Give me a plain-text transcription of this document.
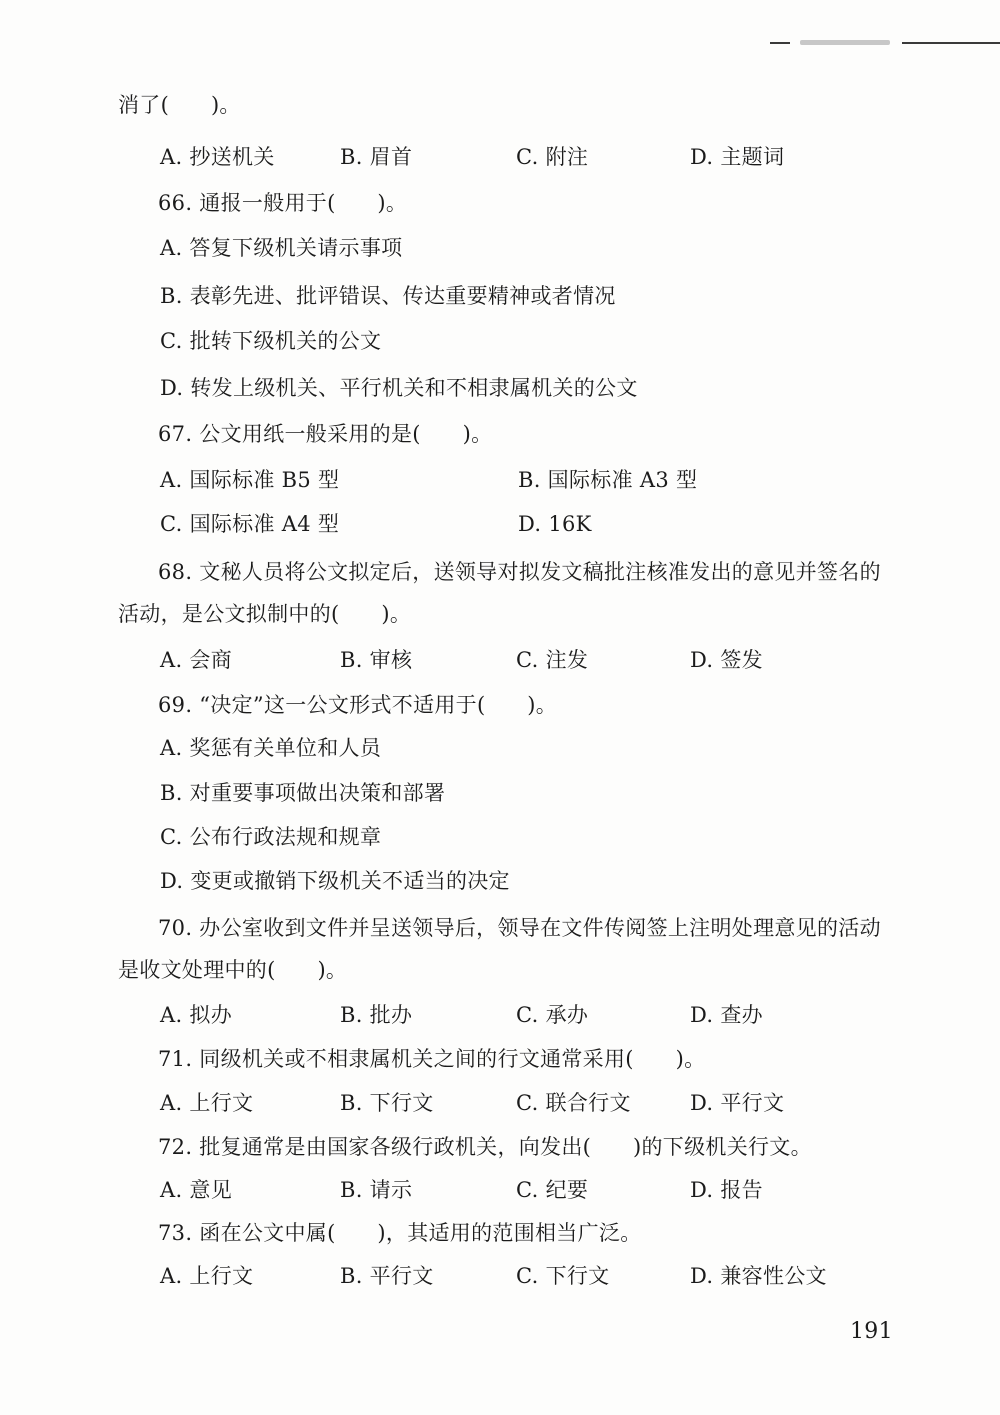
消了(      )。
A. 抄送机关	B. 眉首	C. 附注	D. 主题词
66. 通报一般用于(      )。
A. 答复下级机关请示事项
B. 表彰先进、批评错误、传达重要精神或者情况
C. 批转下级机关的公文
D. 转发上级机关、平行机关和不相隶属机关的公文
67. 公文用纸一般采用的是(      )。
A. 国际标准 B5 型	B. 国际标准 A3 型
C. 国际标准 A4 型	D. 16K
68. 文秘人员将公文拟定后，送领导对拟发文稿批注核准发出的意见并签名的
活动，是公文拟制中的(      )。
A. 会商	B. 审核	C. 注发	D. 签发
69. “决定”这一公文形式不适用于(      )。
A. 奖惩有关单位和人员
B. 对重要事项做出决策和部署
C. 公布行政法规和规章
D. 变更或撤销下级机关不适当的决定
70. 办公室收到文件并呈送领导后，领导在文件传阅签上注明处理意见的活动
是收文处理中的(      )。
A. 拟办	B. 批办	C. 承办	D. 查办
71. 同级机关或不相隶属机关之间的行文通常采用(      )。
A. 上行文	B. 下行文	C. 联合行文	D. 平行文
72. 批复通常是由国家各级行政机关，向发出(      )的下级机关行文。
A. 意见	B. 请示	C. 纪要	D. 报告
73. 函在公文中属(      )，其适用的范围相当广泛。
A. 上行文	B. 平行文	C. 下行文	D. 兼容性公文
191
